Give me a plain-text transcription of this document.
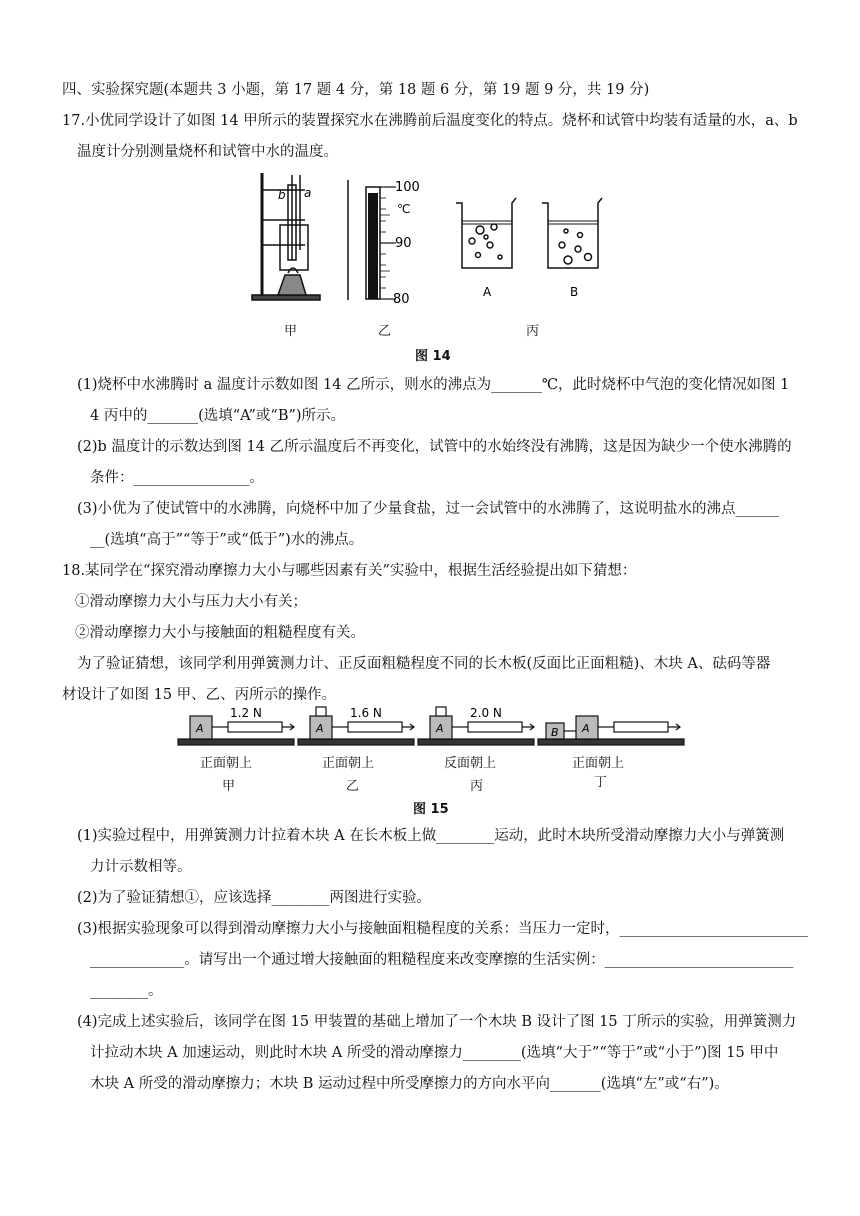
四、实验探究题(本题共 3 小题，第 17 题 4 分，第 18 题 6 分，第 19 题 9 分，共 19 分)
17.小优同学设计了如图 14 甲所示的装置探究水在沸腾前后温度变化的特点。烧杯和试管中均装有适量的水，a、b
温度计分别测量烧杯和试管中水的温度。
b a	100
℃
90
80	A	B
甲	乙	丙
图 14
(1)烧杯中水沸腾时 a 温度计示数如图 14 乙所示，则水的沸点为_______℃，此时烧杯中气泡的变化情况如图 1
4 丙中的_______(选填“A”或“B”)所示。
(2)b 温度计的示数达到图 14 乙所示温度后不再变化，试管中的水始终没有沸腾，这是因为缺少一个使水沸腾的
条件：________________。
(3)小优为了使试管中的水沸腾，向烧杯中加了少量食盐，过一会试管中的水沸腾了，这说明盐水的沸点______
__(选填“高于”“等于”或“低于”)水的沸点。
18.某同学在“探究滑动摩擦力大小与哪些因素有关”实验中，根据生活经验提出如下猜想：
①滑动摩擦力大小与压力大小有关；
②滑动摩擦力大小与接触面的粗糙程度有关。
为了验证猜想，该同学利用弹簧测力计、正反面粗糙程度不同的长木板(反面比正面粗糙)、木块 A、砝码等器
材设计了如图 15 甲、乙、丙所示的操作。
A
1.2 N
A
1.6 N
A
2.0 N
B A
正面朝上	正面朝上	反面朝上	正面朝上
甲	乙	丙	丁
图 15
(1)实验过程中，用弹簧测力计拉着木块 A 在长木板上做________运动，此时木块所受滑动摩擦力大小与弹簧测
力计示数相等。
(2)为了验证猜想①，应该选择________两图进行实验。
(3)根据实验现象可以得到滑动摩擦力大小与接触面粗糙程度的关系：当压力一定时，__________________________
_____________。请写出一个通过增大接触面的粗糙程度来改变摩擦的生活实例：__________________________
________。
(4)完成上述实验后，该同学在图 15 甲装置的基础上增加了一个木块 B 设计了图 15 丁所示的实验，用弹簧测力
计拉动木块 A 加速运动，则此时木块 A 所受的滑动摩擦力________(选填“大于”“等于”或“小于”)图 15 甲中
木块 A 所受的滑动摩擦力；木块 B 运动过程中所受摩擦力的方向水平向_______(选填“左”或“右”)。
